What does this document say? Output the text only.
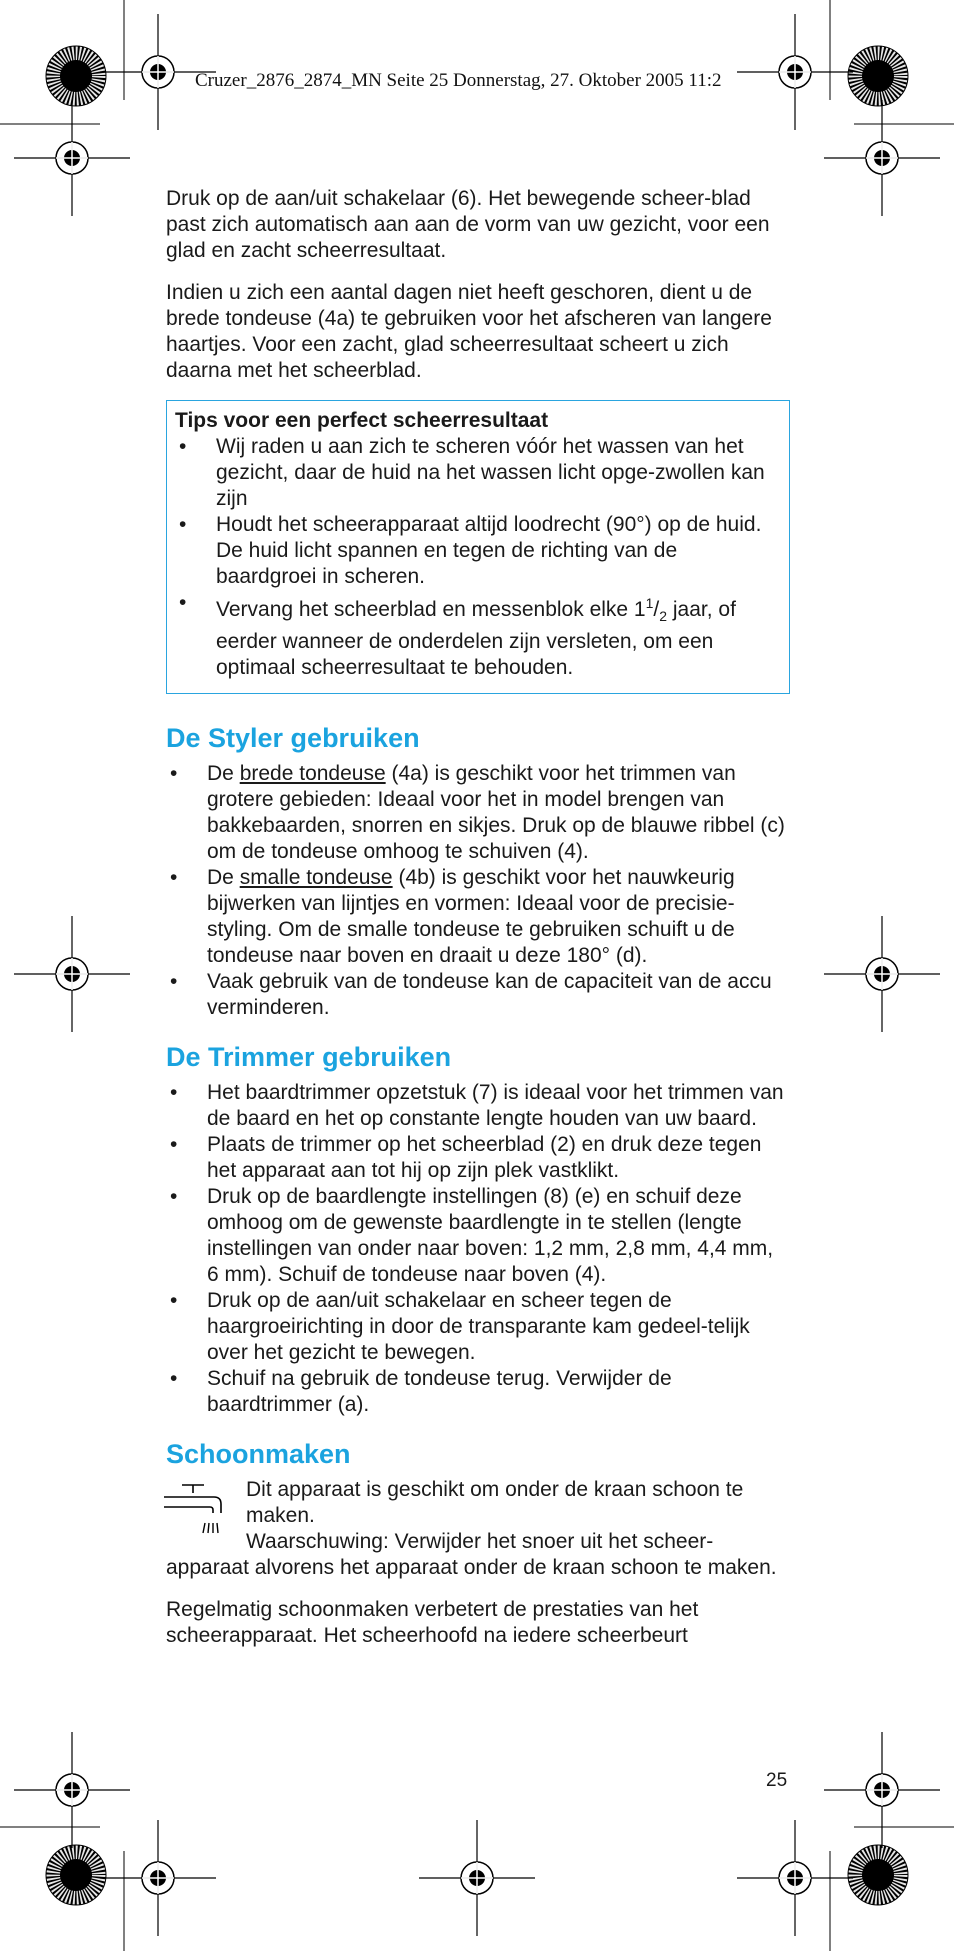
Cruzer_2876_2874_MN Seite 25 Donnerstag, 27. Oktober 2005 11:2 

Druk op de aan/uit schakelaar (6). Het bewegende scheer-blad past zich automatisch aan aan de vorm van uw gezicht, voor een glad en zacht scheerresultaat.

Indien u zich een aantal dagen niet heeft geschoren, dient u de brede tondeuse (4a) te gebruiken voor het afscheren van langere haartjes. Voor een zacht, glad scheerresultaat scheert u zich daarna met het scheerblad.

Tips voor een perfect scheerresultaat
• Wij raden u aan zich te scheren vóór het wassen van het gezicht, daar de huid na het wassen licht opge-zwollen kan zijn
• Houdt het scheerapparaat altijd loodrecht (90°) op de huid. De huid licht spannen en tegen de richting van de baardgroei in scheren.
• Vervang het scheerblad en messenblok elke $1^1/_2$ jaar, of eerder wanneer de onderdelen zijn versleten, om een optimaal scheerresultaat te behouden.
De Styler gebruiken
• De brede tondeuse (4a) is geschikt voor het trimmen van grotere gebieden: Ideaal voor het in model brengen van bakkebaarden, snorren en sikjes. Druk op de blauwe ribbel (c) om de tondeuse omhoog te schuiven (4).
• De smalle tondeuse (4b) is geschikt voor het nauwkeurig bijwerken van lijntjes en vormen: Ideaal voor de precisie-styling. Om de smalle tondeuse te gebruiken schuift u de tondeuse naar boven en draait u deze 180° (d).
• Vaak gebruik van de tondeuse kan de capaciteit van de accu verminderen.
De Trimmer gebruiken
• Het baardtrimmer opzetstuk (7) is ideaal voor het trimmen van de baard en het op constante lengte houden van uw baard.
• Plaats de trimmer op het scheerblad (2) en druk deze tegen het apparaat aan tot hij op zijn plek vastklikt.
• Druk op de baardlengte instellingen (8) (e) en schuif deze omhoog om de gewenste baardlengte in te stellen (lengte instellingen van onder naar boven: 1,2 mm, 2,8 mm, 4,4 mm, 6 mm). Schuif de tondeuse naar boven (4).
• Druk op de aan/uit schakelaar en scheer tegen de haargroeirichting in door de transparante kam gedeel-telijk over het gezicht te bewegen.
• Schuif na gebruik de tondeuse terug. Verwijder de baardtrimmer (a).
Schoonmaken
Dit apparaat is geschikt om onder de kraan schoon te maken.
Waarschuwing: Verwijder het snoer uit het scheer-apparaat alvorens het apparaat onder de kraan schoon te maken.

Regelmatig schoonmaken verbetert de prestaties van het scheerapparaat. Het scheerhoofd na iedere scheerbeurt

25
